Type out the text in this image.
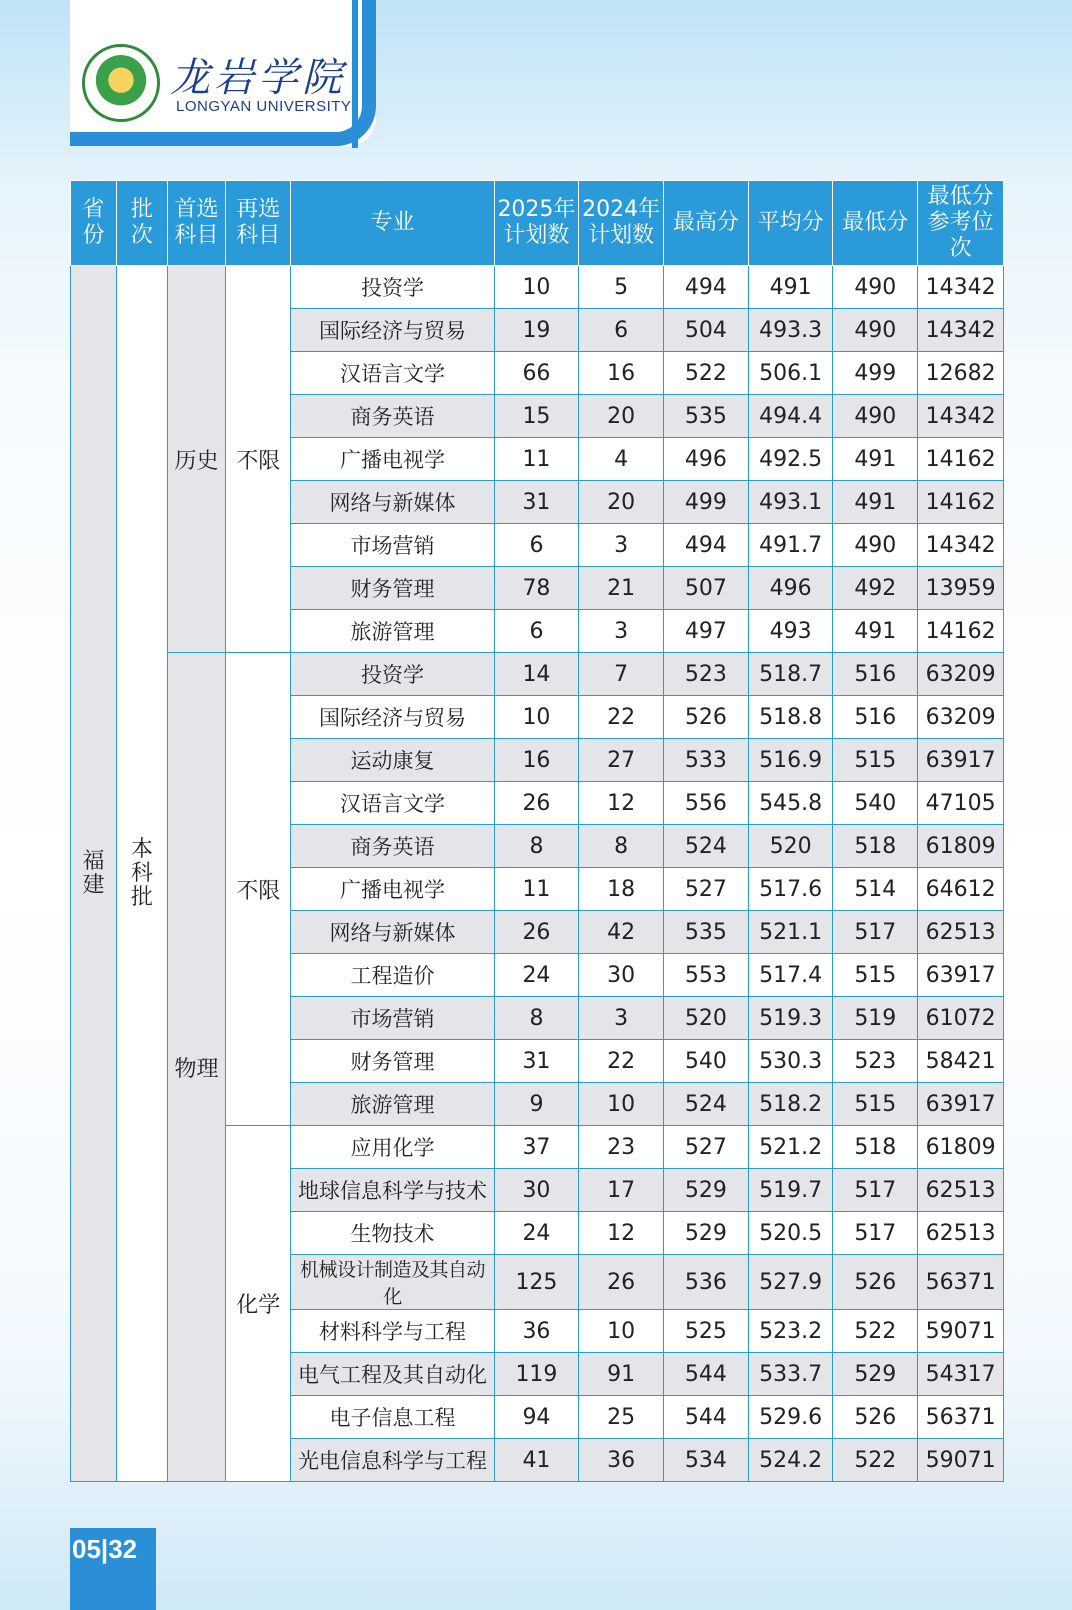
龙岩学院
LONGYAN UNIVERSITY
省份	批次	首选科目	再选科目	专业	2025年计划数	2024年计划数	最高分	平均分	最低分	最低分参考位次
福建	本科批	历史	不限	投资学	10	5	494	491	490	14342
				国际经济与贸易	19	6	504	493.3	490	14342
				汉语言文学	66	16	522	506.1	499	12682
				商务英语	15	20	535	494.4	490	14342
				广播电视学	11	4	496	492.5	491	14162
				网络与新媒体	31	20	499	493.1	491	14162
				市场营销	6	3	494	491.7	490	14342
				财务管理	78	21	507	496	492	13959
				旅游管理	6	3	497	493	491	14162
		物理	不限	投资学	14	7	523	518.7	516	63209
				国际经济与贸易	10	22	526	518.8	516	63209
				运动康复	16	27	533	516.9	515	63917
				汉语言文学	26	12	556	545.8	540	47105
				商务英语	8	8	524	520	518	61809
				广播电视学	11	18	527	517.6	514	64612
				网络与新媒体	26	42	535	521.1	517	62513
				工程造价	24	30	553	517.4	515	63917
				市场营销	8	3	520	519.3	519	61072
				财务管理	31	22	540	530.3	523	58421
				旅游管理	9	10	524	518.2	515	63917
			化学	应用化学	37	23	527	521.2	518	61809
				地球信息科学与技术	30	17	529	519.7	517	62513
				生物技术	24	12	529	520.5	517	62513
				机械设计制造及其自动化	125	26	536	527.9	526	56371
				材料科学与工程	36	10	525	523.2	522	59071
				电气工程及其自动化	119	91	544	533.7	529	54317
				电子信息工程	94	25	544	529.6	526	56371
				光电信息科学与工程	41	36	534	524.2	522	59071
05|32
